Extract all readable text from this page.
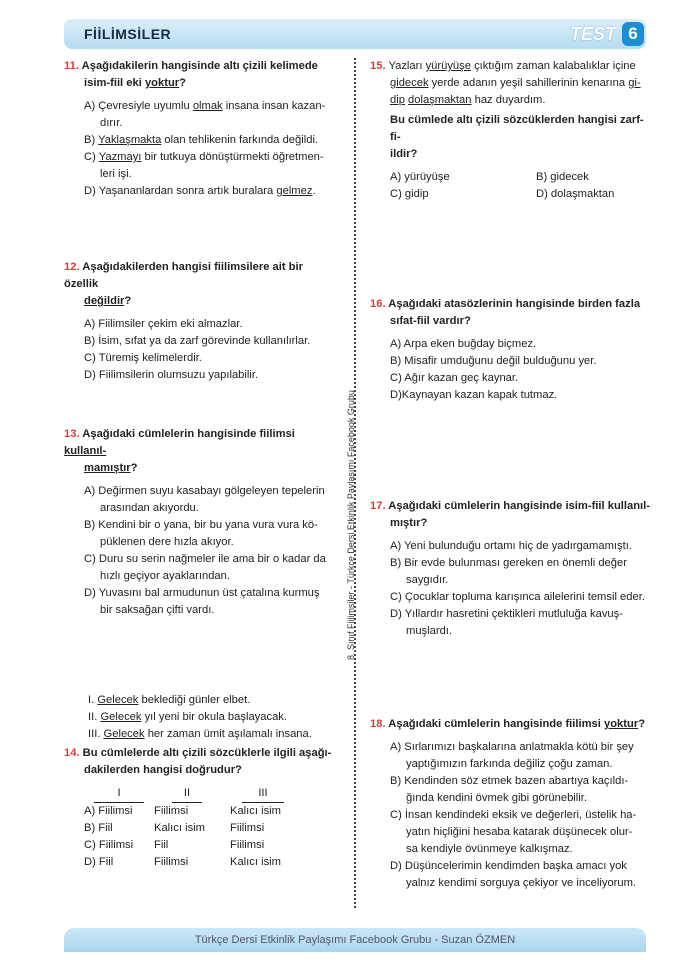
FİİLİMSİLER	TEST 6
8. Sınıf Fiilimsiler - Türkçe Dersi Etkinlik Paylaşımı Facebook Grubu
11. Aşağıdakilerin hangisinde altı çizili kelimede
isim-fiil eki yoktur?
A) Çevresiyle uyumlu olmak insana insan kazan-
dırır.
B) Yaklaşmakta olan tehlikenin farkında değildi.
C) Yazmayı bir tutkuya dönüştürmekti öğretmen-
leri işi.
D) Yaşananlardan sonra artık buralara gelmez.
12. Aşağıdakilerden hangisi fiilimsilere ait bir özellik
değildir?
A) Fiilimsiler çekim eki almazlar.
B) İsim, sıfat ya da zarf görevinde kullanılırlar.
C) Türemiş kelimelerdir.
D) Fiilimsilerin olumsuzu yapılabilir.
13. Aşağıdaki cümlelerin hangisinde fiilimsi kullanıl-
mamıştır?
A) Değirmen suyu kasabayı gölgeleyen tepelerin
arasından akıyordu.
B) Kendini bir o yana, bir bu yana vura vura kö-
püklenen dere hızla akıyor.
C) Duru su serin nağmeler ile ama bir o kadar da
hızlı geçiyor ayaklarından.
D) Yuvasını bal armudunun üst çatalına kurmuş
bir saksağan çifti vardı.
I. Gelecek beklediği günler elbet.
II. Gelecek yıl yeni bir okula başlayacak.
III. Gelecek her zaman ümit aşılamalı insana.
14. Bu cümlelerde altı çizili sözcüklerle ilgili aşağı-
dakilerden hangisi doğrudur?
I	II	III
A) Fiilimsi	Fiilimsi	Kalıcı isim
B) Fiil	Kalıcı isim	Fiilimsi
C) Fiilimsi	Fiil	Fiilimsi
D) Fiil	Fiilimsi	Kalıcı isim
15. Yazları yürüyüşe çıktığım zaman kalabalıklar içine
gidecek yerde adanın yeşil sahillerinin kenarına gi-
dip dolaşmaktan haz duyardım.
Bu cümlede altı çizili sözcüklerden hangisi zarf-fi-
ildir?
A) yürüyüşe	B) gidecek
C) gidip	D) dolaşmaktan
16. Aşağıdaki atasözlerinin hangisinde birden fazla
sıfat-fiil vardır?
A) Arpa eken buğday biçmez.
B) Misafir umduğunu değil bulduğunu yer.
C) Ağır kazan geç kaynar.
D)Kaynayan kazan kapak tutmaz.
17. Aşağıdaki cümlelerin hangisinde isim-fiil kullanıl-
mıştır?
A) Yeni bulunduğu ortamı hiç de yadırgamamıştı.
B) Bir evde bulunması gereken en önemli değer
saygıdır.
C) Çocuklar topluma karışınca ailelerini temsil eder.
D) Yıllardır hasretini çektikleri mutluluğa kavuş-
muşlardı.
18. Aşağıdaki cümlelerin hangisinde fiilimsi yoktur?
A) Sırlarımızı başkalarına anlatmakla kötü bir şey
yaptığımızın farkında değiliz çoğu zaman.
B) Kendinden söz etmek bazen abartıya kaçıldı-
ğında kendini övmek gibi görünebilir.
C) İnsan kendindeki eksik ve değerleri, üstelik ha-
yatın hiçliğini hesaba katarak düşünecek olur-
sa kendiyle övünmeye kalkışmaz.
D) Düşüncelerimin kendimden başka amacı yok
yalnız kendimi sorguya çekiyor ve inceliyorum.
Türkçe Dersi Etkinlik Paylaşımı Facebook Grubu - Suzan ÖZMEN
